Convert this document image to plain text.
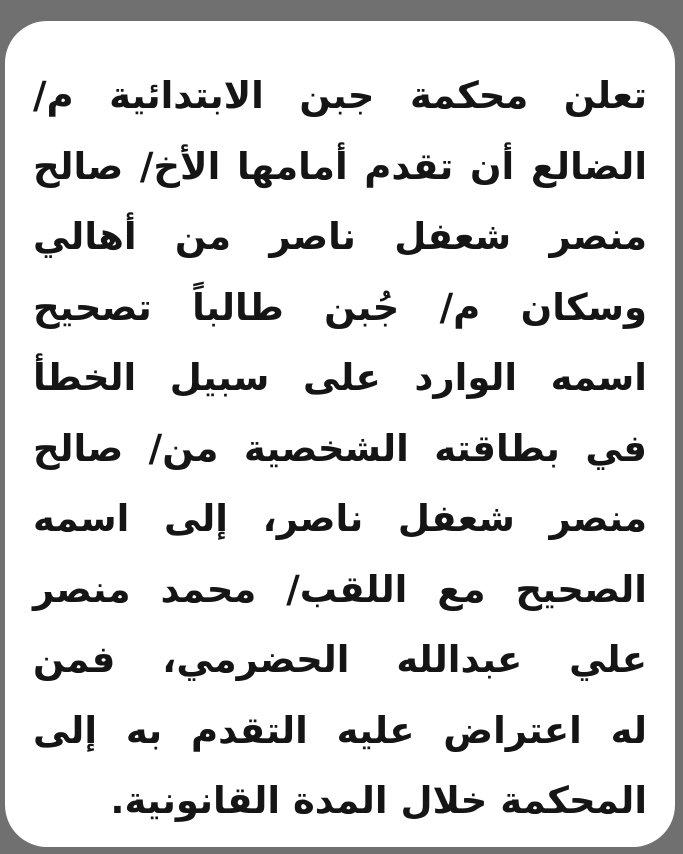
تعلن محكمة جبن الابتدائية م/
الضالع أن تقدم أمامها الأخ/ صالح
منصر شعفل ناصر من أهالي
وسكان م/ جُبن طالباً تصحيح
اسمه الوارد على سبيل الخطأ
في بطاقته الشخصية من/ صالح
منصر شعفل ناصر، إلى اسمه
الصحيح مع اللقب/ محمد منصر
علي عبدالله الحضرمي، فمن
له اعتراض عليه التقدم به إلى
المحكمة خلال المدة القانونية.
